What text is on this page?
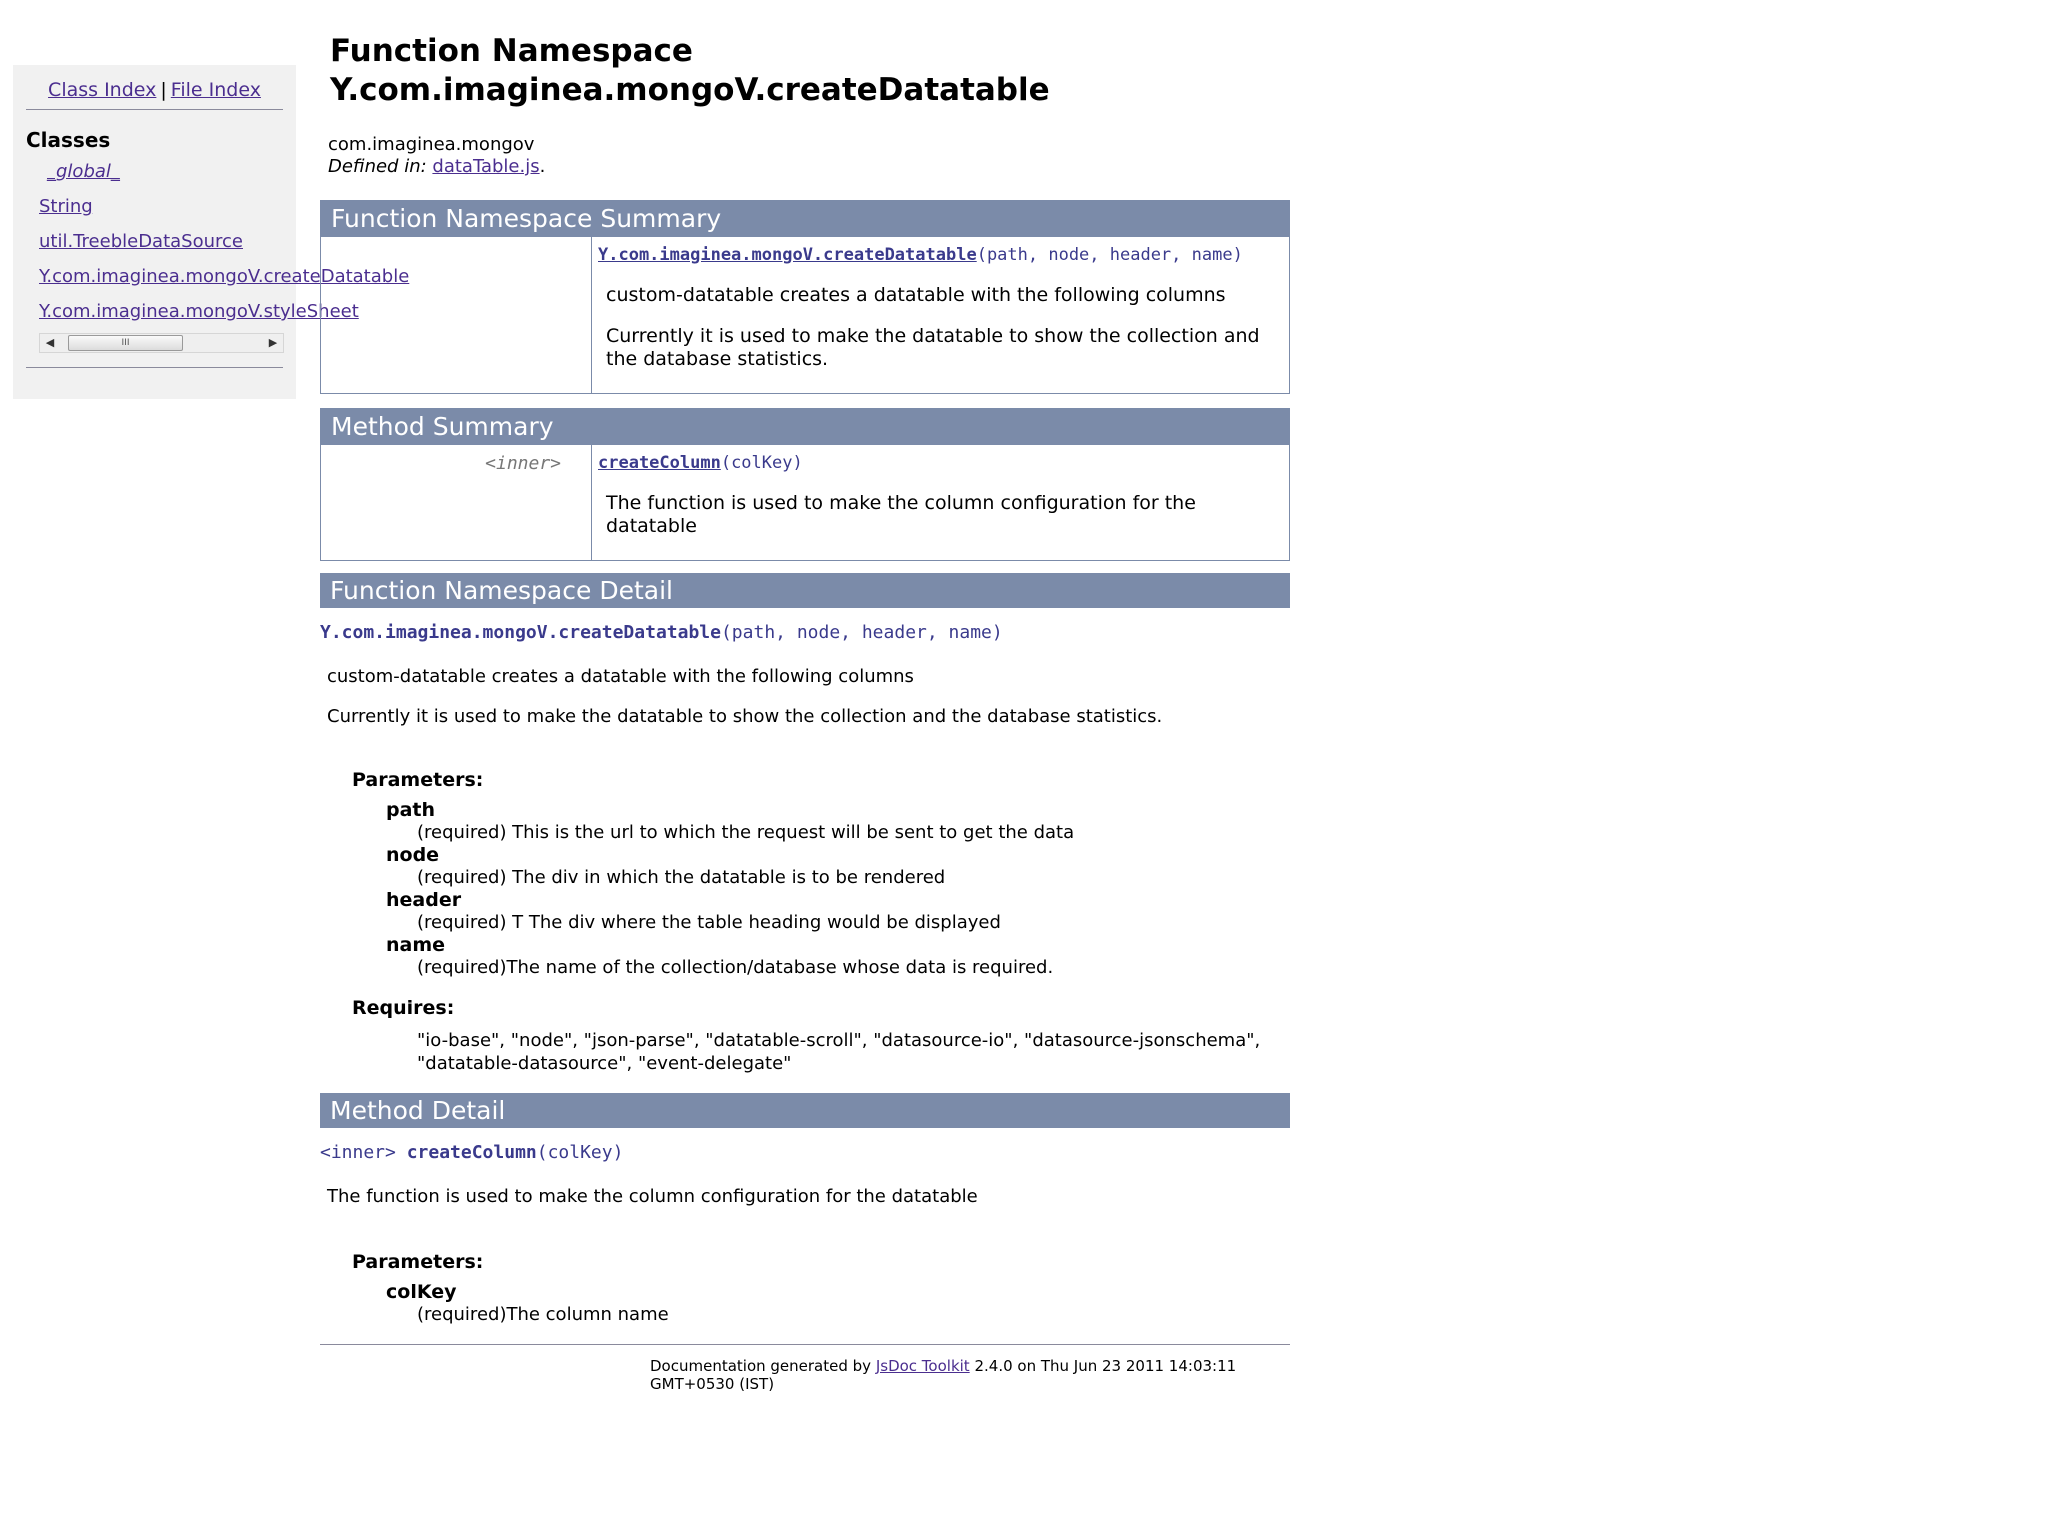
Class Index | File Index
Classes
_global_
String
util.TreebleDataSource
Y.com.imaginea.mongoV.createDatatable
Y.com.imaginea.mongoV.styleSheet
◀	III	▶
Function Namespace
Y.com.imaginea.mongoV.createDatatable
com.imaginea.mongov
Defined in: dataTable.js.
Function Namespace Summary

Y.com.imaginea.mongoV.createDatatable(path, node, header, name)

custom-datatable creates a datatable with the following columns

Currently it is used to make the datatable to show the collection and the database statistics.

Method Summary
<inner>	createColumn(colKey)

The function is used to make the column configuration for the datatable

Function Namespace Detail
Y.com.imaginea.mongoV.createDatatable(path, node, header, name)

custom-datatable creates a datatable with the following columns

Currently it is used to make the datatable to show the collection and the database statistics.

Parameters:
path
(required) This is the url to which the request will be sent to get the data
node
(required) The div in which the datatable is to be rendered
header
(required) T The div where the table heading would be displayed
name
(required)The name of the collection/database whose data is required.
Requires:
"io-base", "node", "json-parse", "datatable-scroll", "datasource-io", "datasource-jsonschema", "datatable-datasource", "event-delegate"
Method Detail
<inner> createColumn(colKey)

The function is used to make the column configuration for the datatable

Parameters:
colKey
(required)The column name
Documentation generated by JsDoc Toolkit 2.4.0 on Thu Jun 23 2011 14:03:11 GMT+0530 (IST)
